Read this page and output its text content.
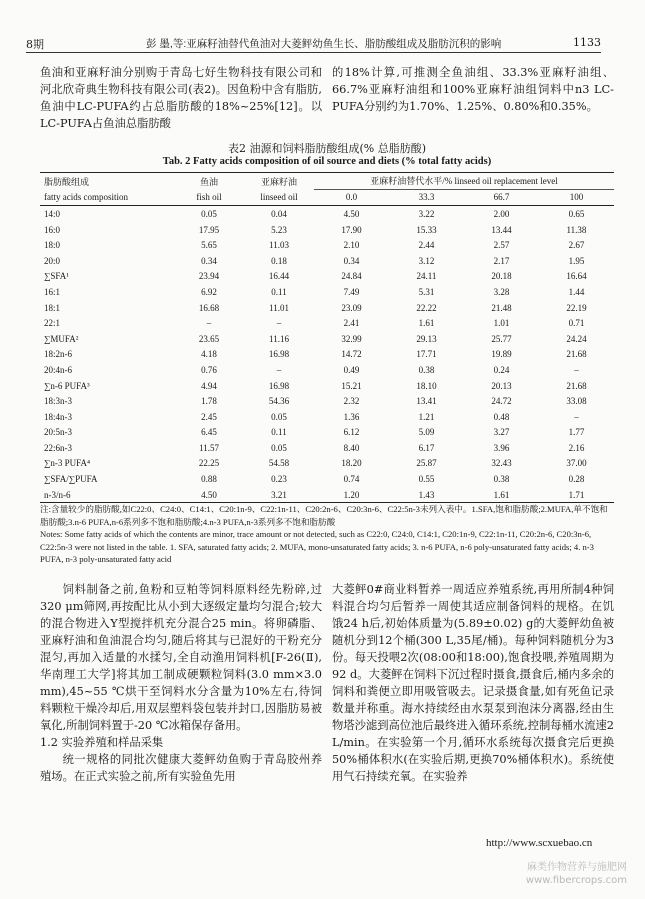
8期	彭 墨,等:亚麻籽油替代鱼油对大菱鲆幼鱼生长、脂肪酸组成及脂肪沉积的影响	1133

鱼油和亚麻籽油分别购于青岛七好生物科技有限公司和河北欣奇典生物科技有限公司(表2)。因鱼粉中含有脂肪,鱼油中LC-PUFA约占总脂肪酸的18%~25%[12]。以LC-PUFA占鱼油总脂肪酸

的18%计算,可推测全鱼油组、33.3%亚麻籽油组、66.7%亚麻籽油组和100%亚麻籽油组饲料中n3 LC-PUFA分别约为1.70%、1.25%、0.80%和0.35%。

表2 油源和饲料脂肪酸组成(% 总脂肪酸)
Tab. 2 Fatty acids composition of oil source and diets (% total fatty acids)
脂肪酸组成	鱼油	亚麻籽油	亚麻籽油替代水平/% linseed oil replacement level			
fatty acids composition	fish oil	linseed oil	0.0	33.3	66.7	100
14:0	0.05	0.04	4.50	3.22	2.00	0.65
16:0	17.95	5.23	17.90	15.33	13.44	11.38
18:0	5.65	11.03	2.10	2.44	2.57	2.67
20:0	0.34	0.18	0.34	3.12	2.17	1.95
∑SFA¹	23.94	16.44	24.84	24.11	20.18	16.64
16:1	6.92	0.11	7.49	5.31	3.28	1.44
18:1	16.68	11.01	23.09	22.22	21.48	22.19
22:1	–	–	2.41	1.61	1.01	0.71
∑MUFA²	23.65	11.16	32.99	29.13	25.77	24.24
18:2n-6	4.18	16.98	14.72	17.71	19.89	21.68
20:4n-6	0.76	–	0.49	0.38	0.24	–
∑n-6 PUFA³	4.94	16.98	15.21	18.10	20.13	21.68
18:3n-3	1.78	54.36	2.32	13.41	24.72	33.08
18:4n-3	2.45	0.05	1.36	1.21	0.48	–
20:5n-3	6.45	0.11	6.12	5.09	3.27	1.77
22:6n-3	11.57	0.05	8.40	6.17	3.96	2.16
∑n-3 PUFA⁴	22.25	54.58	18.20	25.87	32.43	37.00
∑SFA/∑PUFA	0.88	0.23	0.74	0.55	0.38	0.28
n-3/n-6	4.50	3.21	1.20	1.43	1.61	1.71

注:含量较少的脂肪酸,如C22:0、C24:0、C14:1、C20:1n-9、C22:1n-11、C20:2n-6、C20:3n-6、C22:5n-3未列入表中。1.SFA,饱和脂肪酸;2.MUFA,单不饱和脂肪酸;3.n-6 PUFA,n-6系列多不饱和脂肪酸;4.n-3 PUFA,n-3系列多不饱和脂肪酸

Notes: Some fatty acids of which the contents are minor, trace amount or not detected, such as C22:0, C24:0, C14:1, C20:1n-9, C22:1n-11, C20:2n-6, C20:3n-6, C22:5n-3 were not listed in the table. 1. SFA, saturated fatty acids; 2. MUFA, mono-unsaturated fatty acids; 3. n-6 PUFA, n-6 poly-unsaturated fatty acids; 4. n-3 PUFA, n-3 poly-unsaturated fatty acid

饲料制备之前,鱼粉和豆粕等饲料原料经先粉碎,过320 μm筛网,再按配比从小到大逐级定量均匀混合;较大的混合物进入Y型搅拌机充分混合25 min。将卵磷脂、亚麻籽油和鱼油混合均匀,随后将其与已混好的干粉充分混匀,再加入适量的水揉匀,全自动渔用饲料机[F-26(Ⅱ),华南理工大学]将其加工制成硬颗粒饲料(3.0 mm×3.0 mm),45~55 ℃烘干至饲料水分含量为10%左右,待饲料颗粒干燥冷却后,用双层塑料袋包装并封口,因脂肪易被氧化,所制饲料置于-20 ℃冰箱保存备用。

1.2 实验养殖和样品采集

统一规格的同批次健康大菱鲆幼鱼购于青岛胶州养殖场。在正式实验之前,所有实验鱼先用

大菱鲆0#商业料暂养一周适应养殖系统,再用所制4种饲料混合均匀后暂养一周使其适应制备饲料的规格。在饥饿24 h后,初始体质量为(5.89±0.02) g的大菱鲆幼鱼被随机分到12个桶(300 L,35尾/桶)。每种饲料随机分为3份。每天投喂2次(08:00和18:00),饱食投喂,养殖周期为92 d。大菱鲆在饲料下沉过程时摄食,摄食后,桶内多余的饲料和粪便立即用吸管吸去。记录摄食量,如有死鱼记录数量并称重。海水持续经由水泵泵到泡沫分离器,经由生物塔沙滤到高位池后最终进入循环系统,控制每桶水流速2 L/min。在实验第一个月,循环水系统每次摄食完后更换50%桶体积水(在实验后期,更换70%桶体积水)。系统使用气石持续充氧。在实验养

http://www.scxuebao.cn
麻类作物营养与施肥网
www.fibercrops.com
